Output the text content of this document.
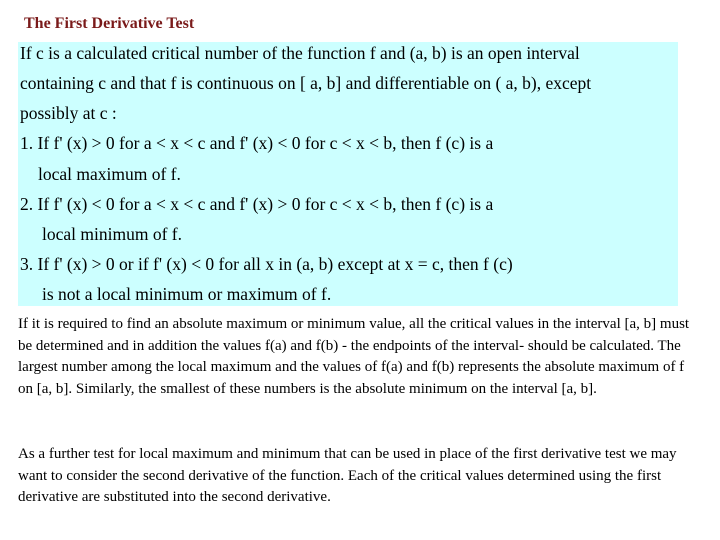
The First Derivative Test
If c is a calculated critical number of the function f and (a, b) is an open interval
containing c and that f is continuous on [ a, b] and differentiable on ( a, b), except
possibly at c :
1. If f' (x) > 0 for a < x < c and f' (x) < 0 for c < x < b, then f (c) is a
local maximum of f.
2. If f' (x) < 0 for a < x < c and f' (x) > 0 for c < x < b, then f (c) is a
local minimum of f.
3. If f' (x) > 0 or if f' (x) < 0 for all x in (a, b) except at x = c, then f (c)
is not a local minimum or maximum of f.
If it is required to find an absolute maximum or minimum value, all the critical values in the interval [a, b] must be determined and in addition the values f(a) and f(b) - the endpoints of the interval- should be calculated. The largest number among the local maximum and the values of f(a) and f(b) represents the absolute maximum of f on [a, b]. Similarly, the smallest of these numbers is the absolute minimum on the interval [a, b].
As a further test for local maximum and minimum that can be used in place of the first derivative test we may want to consider the second derivative of the function. Each of the critical values determined using the first derivative are substituted into the second derivative.
